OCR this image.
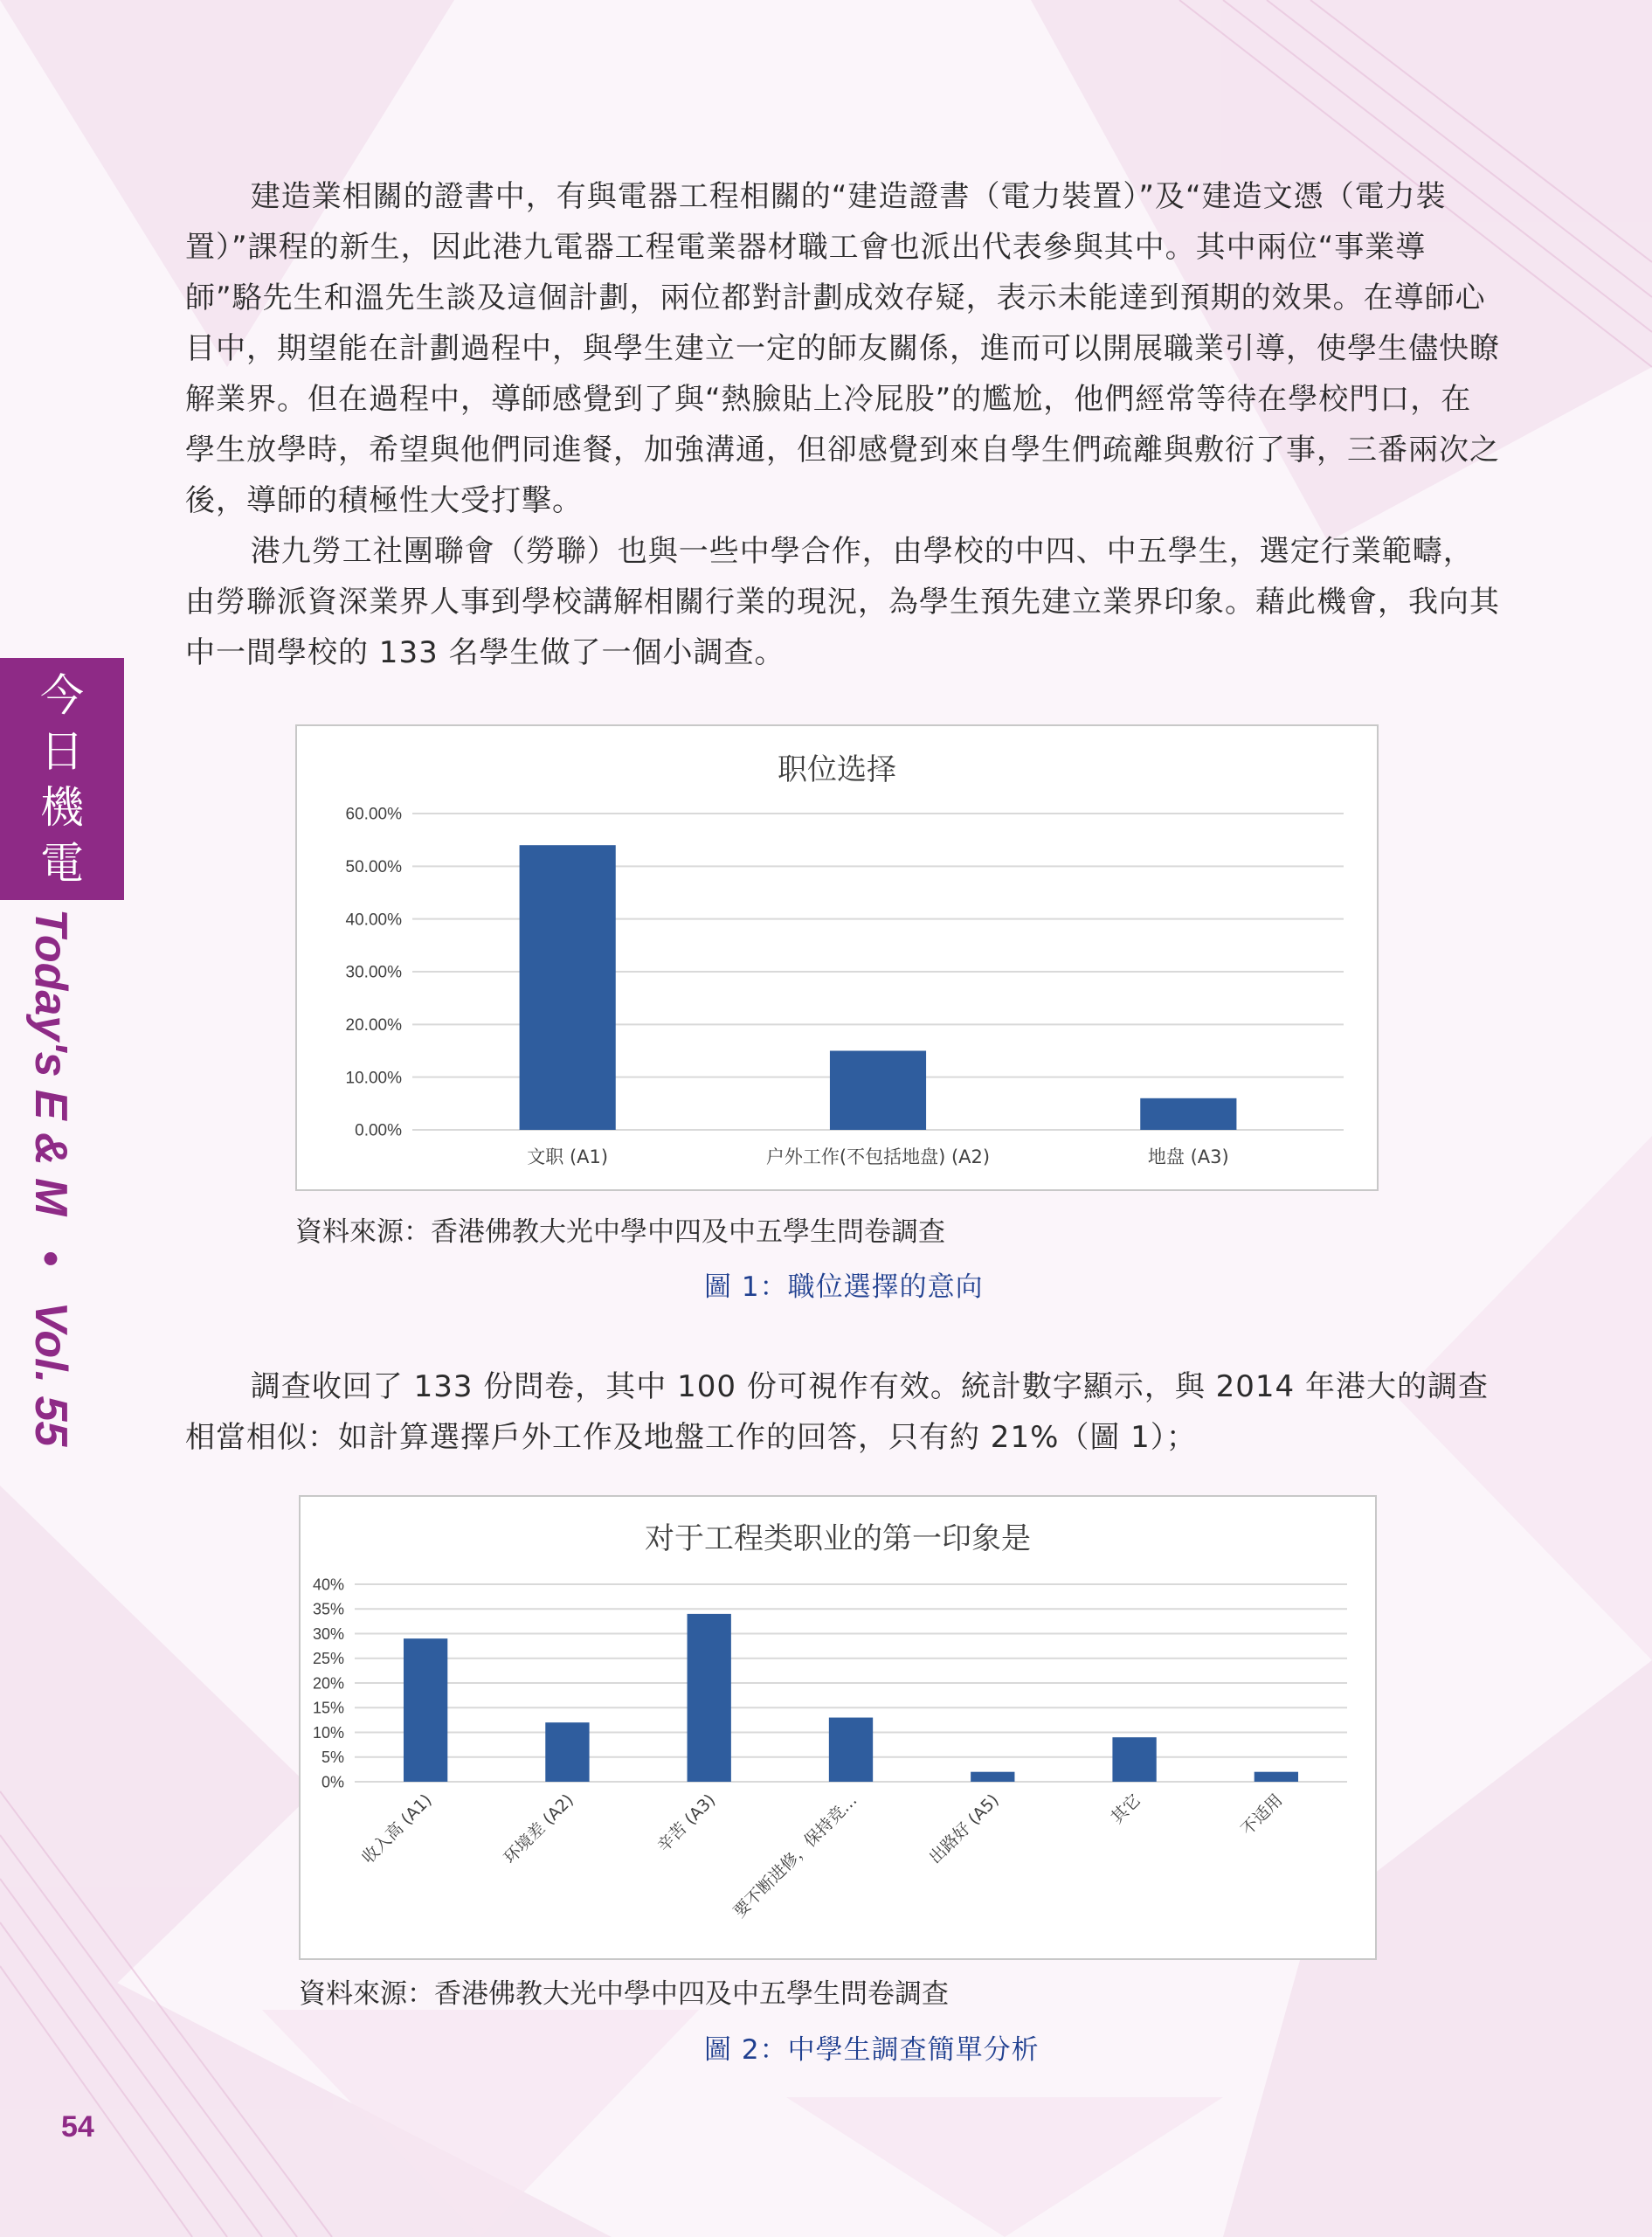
今
日
機
電
Today's E & M•Vol. 55

建造業相關的證書中，有與電器工程相關的“建造證書（電力裝置）”及“建造文憑（電力裝置）”課程的新生，因此港九電器工程電業器材職工會也派出代表參與其中。其中兩位“事業導師”駱先生和溫先生談及這個計劃，兩位都對計劃成效存疑，表示未能達到預期的效果。在導師心目中，期望能在計劃過程中，與學生建立一定的師友關係，進而可以開展職業引導，使學生儘快瞭解業界。但在過程中，導師感覺到了與“熱臉貼上冷屁股”的尷尬，他們經常等待在學校門口，在學生放學時，希望與他們同進餐，加強溝通，但卻感覺到來自學生們疏離與敷衍了事，三番兩次之後，導師的積極性大受打擊。

港九勞工社團聯會（勞聯）也與一些中學合作，由學校的中四、中五學生，選定行業範疇，由勞聯派資深業界人事到學校講解相關行業的現況，為學生預先建立業界印象。藉此機會，我向其中一間學校的 133 名學生做了一個小調查。

职位选择
0.00%
10.00%
20.00%
30.00%
40.00%
50.00%
60.00%
文职 (A1)	户外工作(不包括地盘) (A2)	地盘 (A3)
資料來源：香港佛教大光中學中四及中五學生問卷調查
圖 1：職位選擇的意向

調查收回了 133 份問卷，其中 100 份可視作有效。統計數字顯示，與 2014 年港大的調查相當相似：如計算選擇戶外工作及地盤工作的回答，只有約 21%（圖 1）；

对于工程类职业的第一印象是
0%
5%
10%
15%
20%
25%
30%
35%
40%
收入高 (A1)	环境差 (A2)	辛苦 (A3) 要不断进修，保持竞…	出路好 (A5)	其它	不适用
資料來源：香港佛教大光中學中四及中五學生問卷調查
圖 2：中學生調查簡單分析
54
